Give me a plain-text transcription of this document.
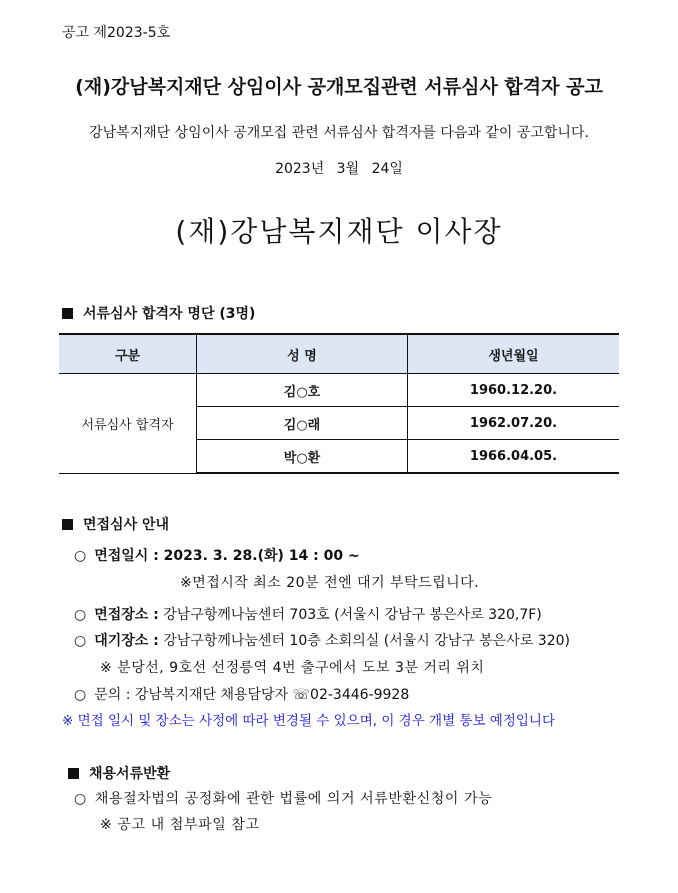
공고 제2023-5호
(재)강남복지재단 상임이사 공개모집관련 서류심사 합격자 공고
강남복지재단 상임이사 공개모집 관련 서류심사 합격자를 다음과 같이 공고합니다.
2023년 3월 24일
(재)강남복지재단 이사장
서류심사 합격자 명단 (3명)
구분	성 명	생년월일
서류심사 합격자	김○호	1960.12.20.
	김○래	1962.07.20.
	박○환	1966.04.05.
면접심사 안내
○ 면접일시 : 2023. 3. 28.(화) 14 : 00 ~
※면접시작 최소 20분 전엔 대기 부탁드립니다.
○ 면접장소 : 강남구항께나눔센터 703호 (서울시 강남구 봉은사로 320,7F)
○ 대기장소 : 강남구항께나눔센터 10층 소회의실 (서울시 강남구 봉은사로 320)
※ 분당선, 9호선 선정릉역 4번 출구에서 도보 3분 거리 위치
○ 문의 : 강남복지재단 채용담당자 ☏02-3446-9928
※ 면접 일시 및 장소는 사정에 따라 변경될 수 있으며, 이 경우 개별 통보 예정입니다
채용서류반환
○ 채용절차법의 공정화에 관한 법률에 의거 서류반환신청이 가능
※ 공고 내 첨부파일 참고
